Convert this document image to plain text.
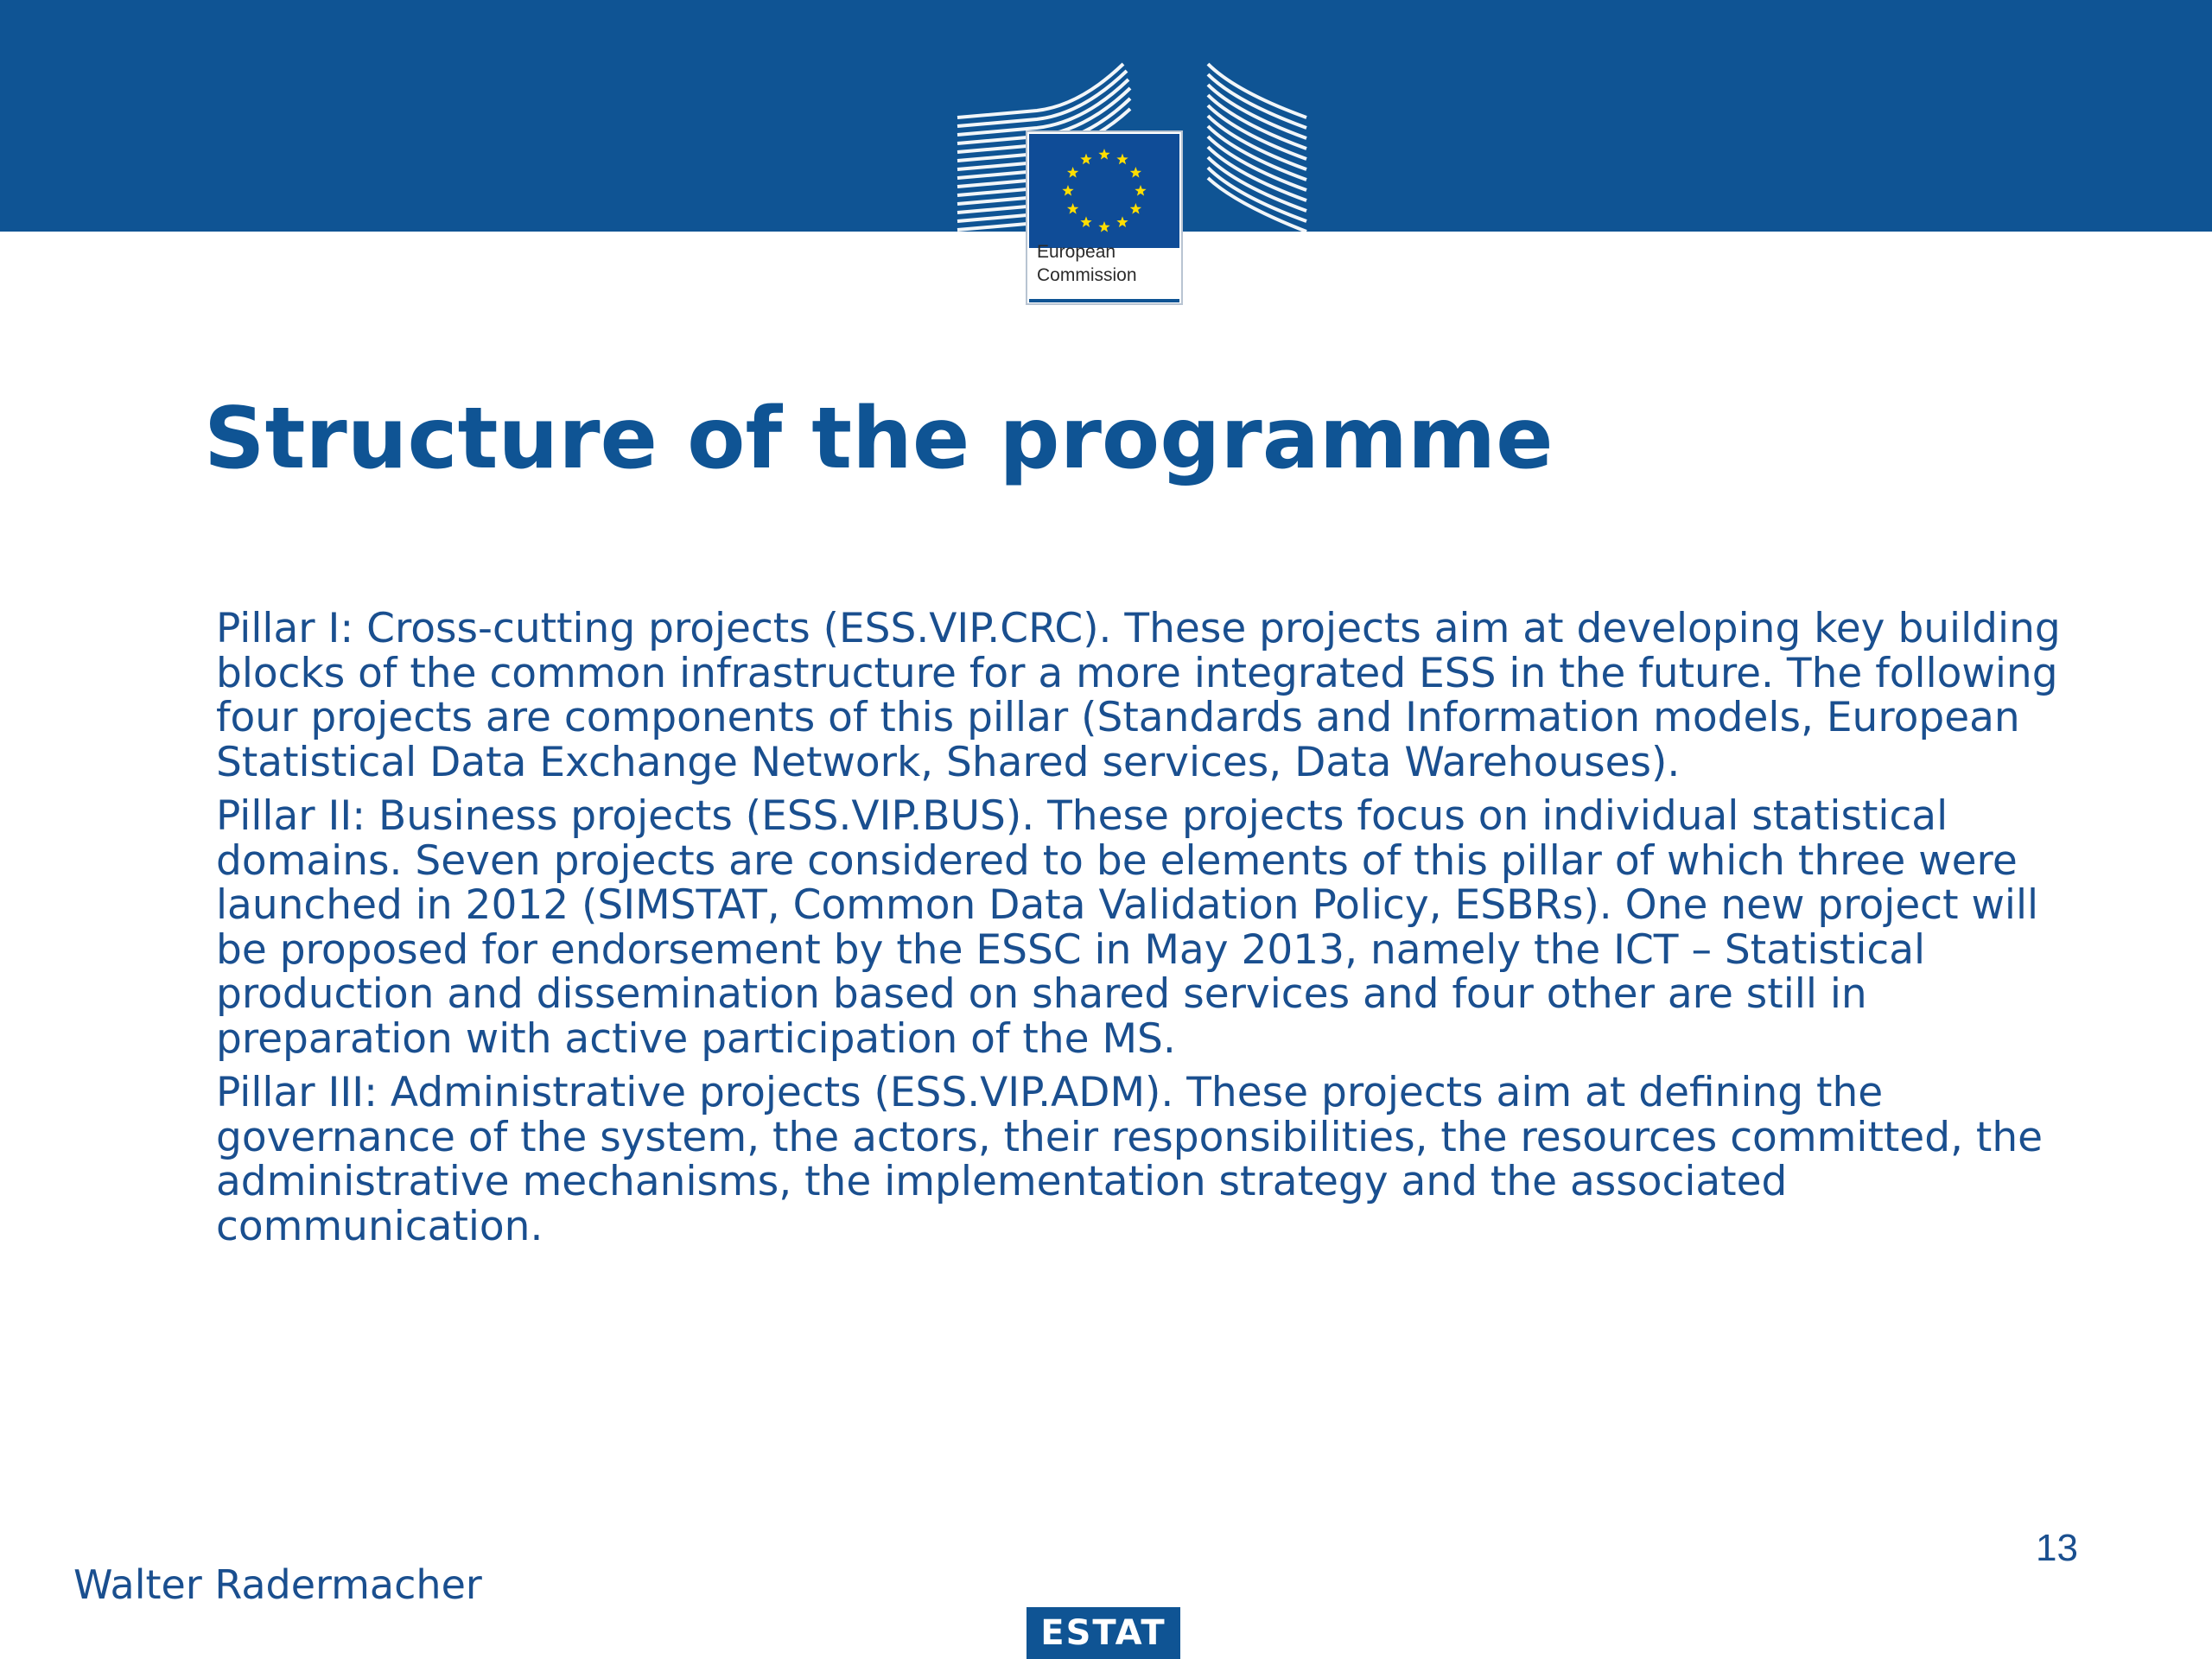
European
Commission
Structure of the programme

Pillar I: Cross-cutting projects (ESS.VIP.CRC). These projects aim at developing key building blocks of the common infrastructure for a more integrated ESS in the future. The following four projects are components of this pillar (Standards and Information models, European Statistical Data Exchange Network, Shared services, Data Warehouses).

Pillar II: Business projects (ESS.VIP.BUS). These projects focus on individual statistical domains. Seven projects are considered to be elements of this pillar of which three were launched in 2012 (SIMSTAT, Common Data Validation Policy, ESBRs). One new project will be proposed for endorsement by the ESSC in May 2013, namely the ICT – Statistical production and dissemination based on shared services and four other are still in preparation with active participation of the MS.

Pillar III: Administrative projects (ESS.VIP.ADM). These projects aim at defining the governance of the system, the actors, their responsibilities, the resources committed, the administrative mechanisms, the implementation strategy and the associated communication.

Walter Radermacher
13
ESTAT
